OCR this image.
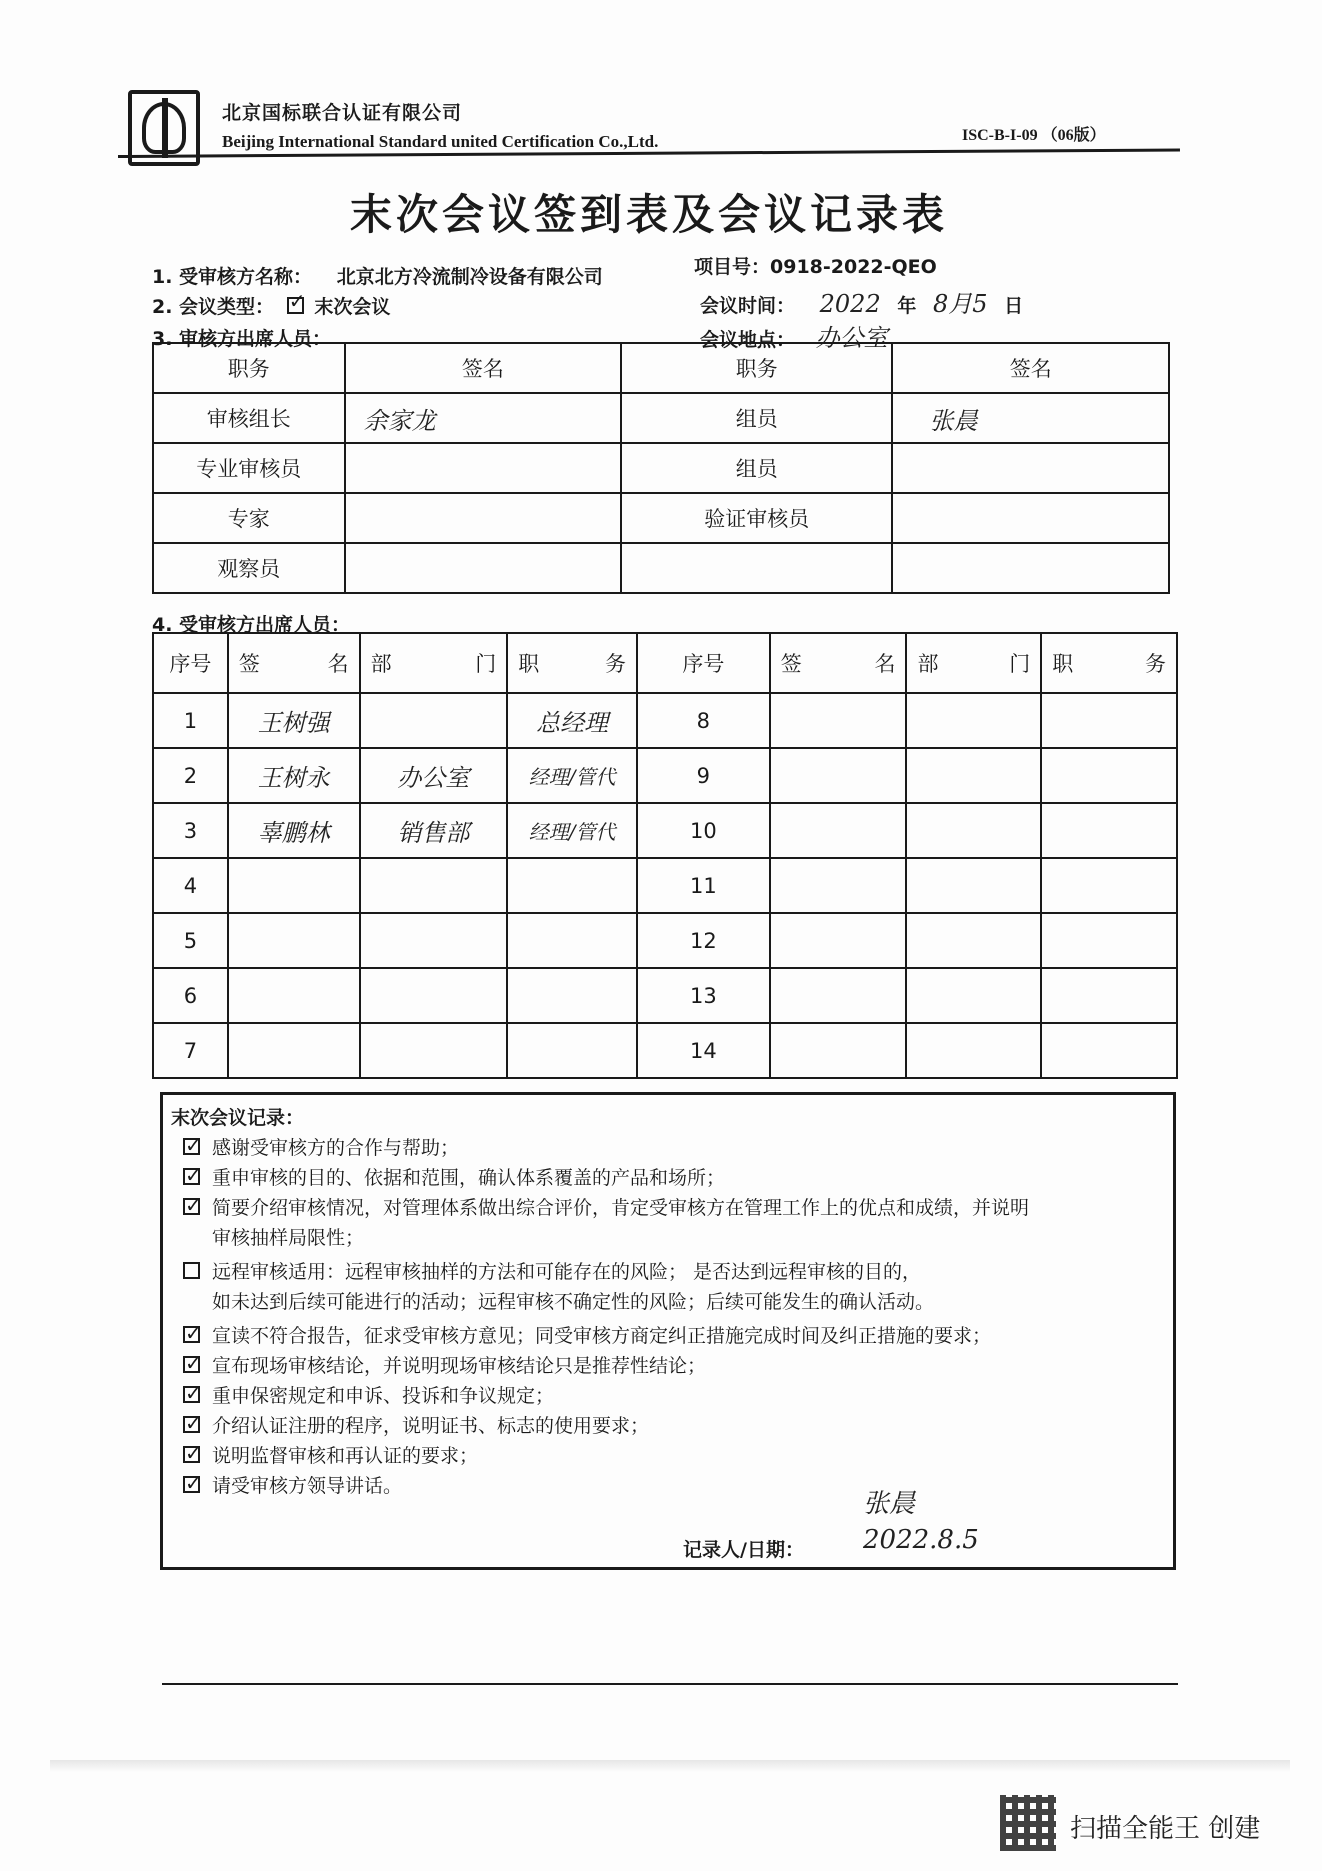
北京国标联合认证有限公司
Beijing International Standard united Certification Co.,Ltd.	ISC-B-I-09 （06版）
末次会议签到表及会议记录表
1. 受审核方名称： 北京北方冷流制冷设备有限公司	项目号：0918-2022-QEO
2. 会议类型： ✓ 末次会议	会议时间： 2022 年 8月5 日
3. 审核方出席人员：	会议地点： 办公室
职务	签名	职务	签名
审核组长	余家龙	组员	张晨
专业审核员		组员	
专家		验证审核员	
观察员			
4. 受审核方出席人员：
序号	签 名	部 门	职 务	序号	签 名	部 门	职 务

1	王树强		总经理	8			
2	王树永	办公室	经理/管代	9			
3	辜鹏林	销售部	经理/管代	10			
4				11			
5				12			
6				13			
7				14			
末次会议记录：
✓感谢受审核方的合作与帮助；
✓重申审核的目的、依据和范围，确认体系覆盖的产品和场所；
✓简要介绍审核情况，对管理体系做出综合评价，肯定受审核方在管理工作上的优点和成绩，并说明
审核抽样局限性；
远程审核适用：远程审核抽样的方法和可能存在的风险； 是否达到远程审核的目的，
如未达到后续可能进行的活动；远程审核不确定性的风险；后续可能发生的确认活动。
✓宣读不符合报告，征求受审核方意见；同受审核方商定纠正措施完成时间及纠正措施的要求；
✓宣布现场审核结论，并说明现场审核结论只是推荐性结论；
✓重申保密规定和申诉、投诉和争议规定；
✓介绍认证注册的程序，说明证书、标志的使用要求；
✓说明监督审核和再认证的要求；
✓请受审核方领导讲话。
张晨
记录人/日期： 2022.8.5
扫描全能王 创建
